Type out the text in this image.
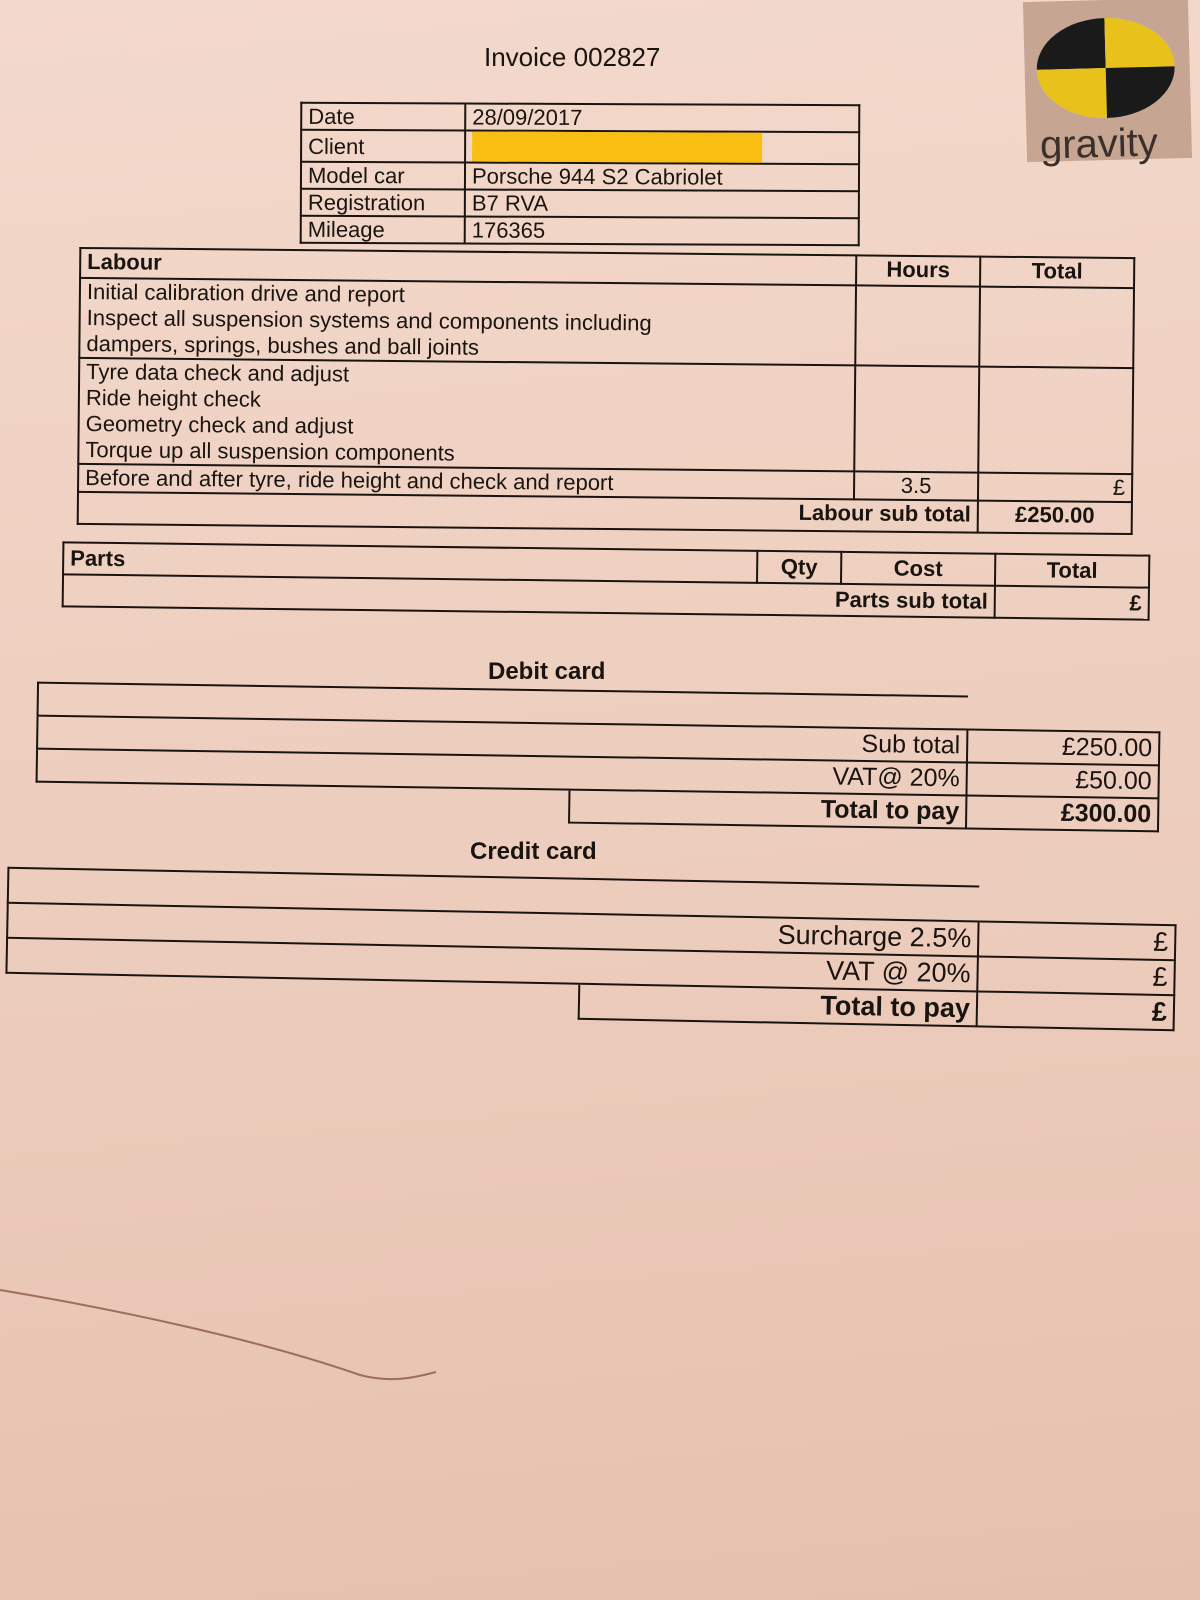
Invoice 002827
gravity
Date	28/09/2017
Client	
Model car	Porsche 944 S2 Cabriolet
Registration	B7 RVA
Mileage	176365
Labour	Hours	Total

Initial calibration drive and report
Inspect all suspension systems and components including
dampers, springs, bushes and ball joints		

Tyre data check and adjust
Ride height check
Geometry check and adjust
Torque up all suspension components		

Before and after tyre, ride height and check and report	3.5	£
Labour sub total		£250.00
Parts	Qty	Cost	Total
	Parts sub total		£
Debit card

	Sub total	£250.00
	VAT@ 20%	£50.00
	Total to pay	£300.00
Credit card

	Surcharge 2.5%	£
	VAT @ 20%	£
	Total to pay	£
